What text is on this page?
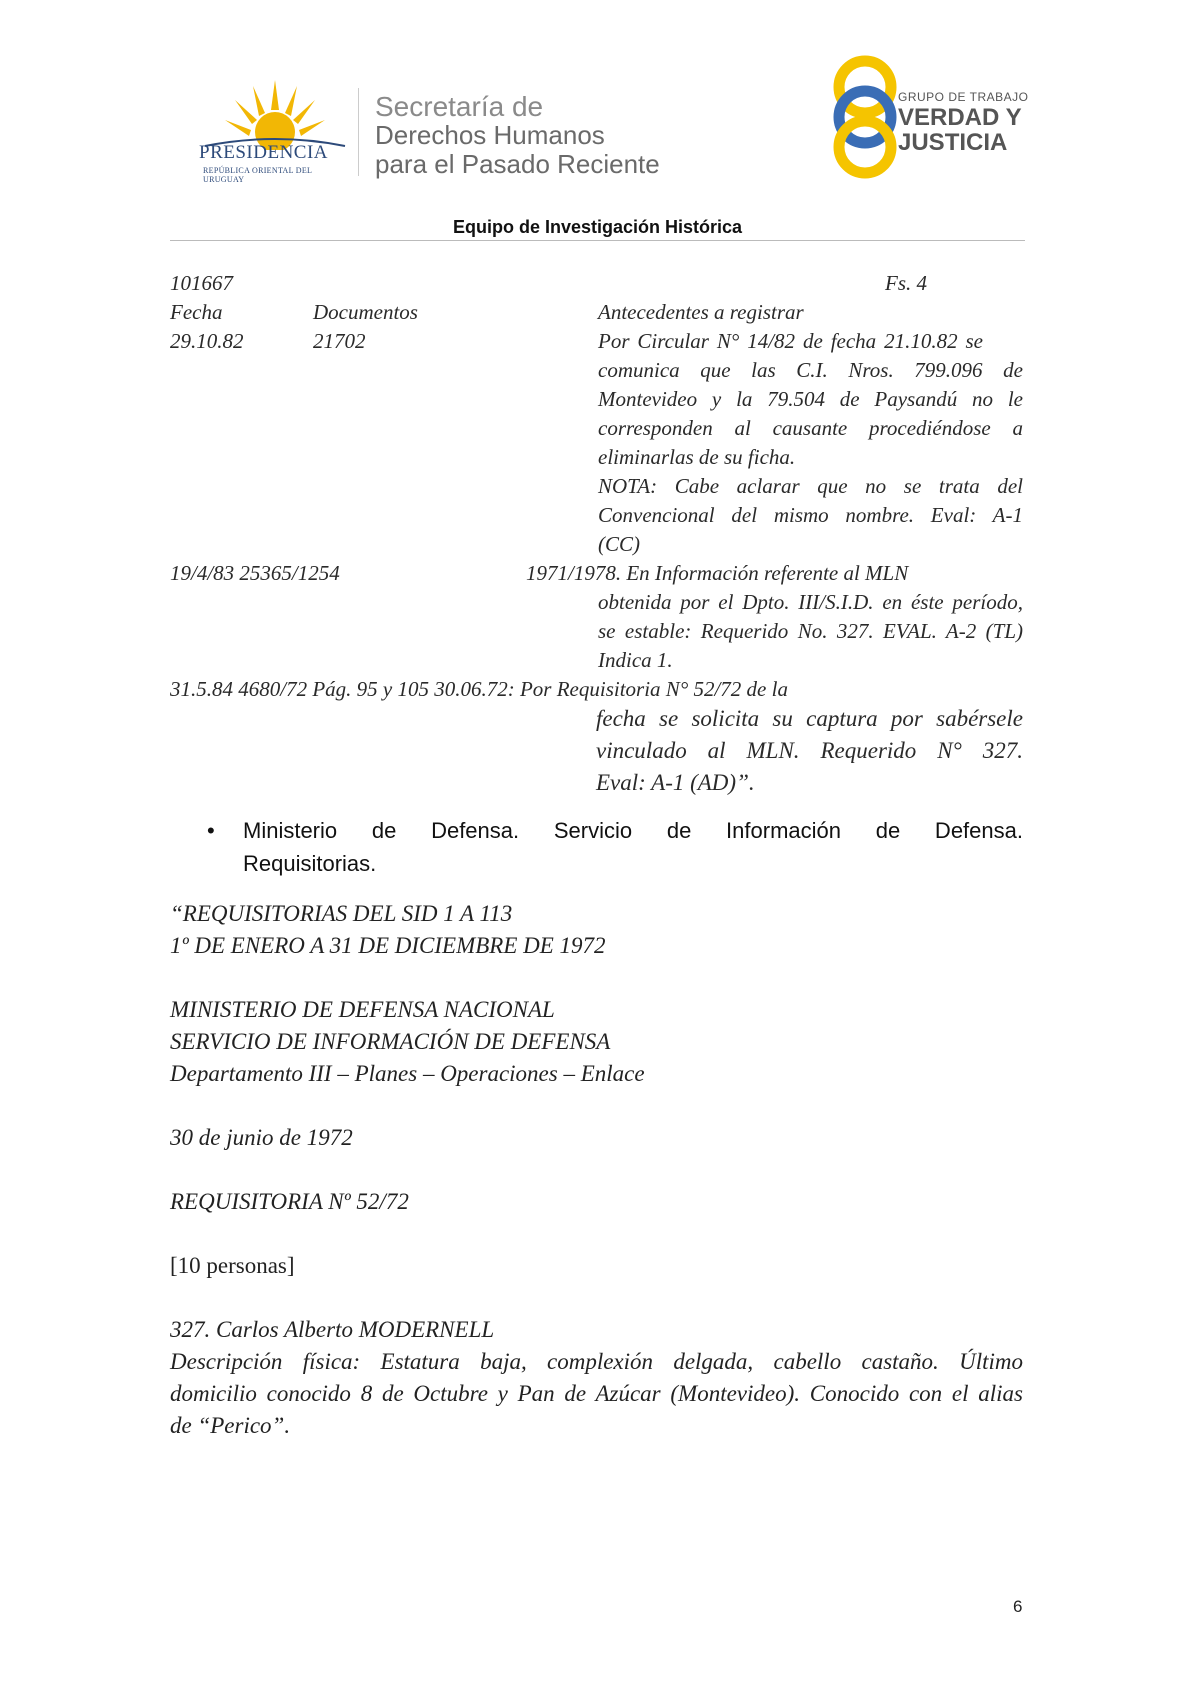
PRESIDENCIA
REPÚBLICA ORIENTAL DEL URUGUAY
Secretaría de
Derechos Humanos
para el Pasado Reciente
GRUPO DE TRABAJO
VERDAD Y
JUSTICIA
Equipo de Investigación Histórica
101667	Fs. 4
Fecha	Documentos	Antecedentes a registrar
29.10.82	21702	Por Circular N° 14/82 de fecha 21.10.82 se
comunica que las C.I. Nros. 799.096 de
Montevideo y la 79.504 de Paysandú no le
corresponden al causante procediéndose a
eliminarlas de su ficha.
NOTA: Cabe aclarar que no se trata del
Convencional del mismo nombre. Eval: A-1
(CC)
19/4/83 25365/1254	1971/1978. En Información referente al MLN
obtenida por el Dpto. III/S.I.D. en éste período,
se estable: Requerido No. 327. EVAL. A-2 (TL)
Indica 1.
31.5.84 4680/72 Pág. 95 y 105 30.06.72: Por Requisitoria N° 52/72 de la
fecha se solicita su captura por sabérsele
vinculado al MLN. Requerido N° 327.
Eval: A-1 (AD)”.
• Ministerio de Defensa. Servicio de Información de Defensa.
Requisitorias.
“REQUISITORIAS DEL SID 1 A 113
1º DE ENERO A 31 DE DICIEMBRE DE 1972
MINISTERIO DE DEFENSA NACIONAL
SERVICIO DE INFORMACIÓN DE DEFENSA
Departamento III – Planes – Operaciones – Enlace
30 de junio de 1972
REQUISITORIA Nº 52/72
[10 personas]
327. Carlos Alberto MODERNELL
Descripción física: Estatura baja, complexión delgada, cabello castaño. Último
domicilio conocido 8 de Octubre y Pan de Azúcar (Montevideo). Conocido con el alias
de “Perico”.
6
